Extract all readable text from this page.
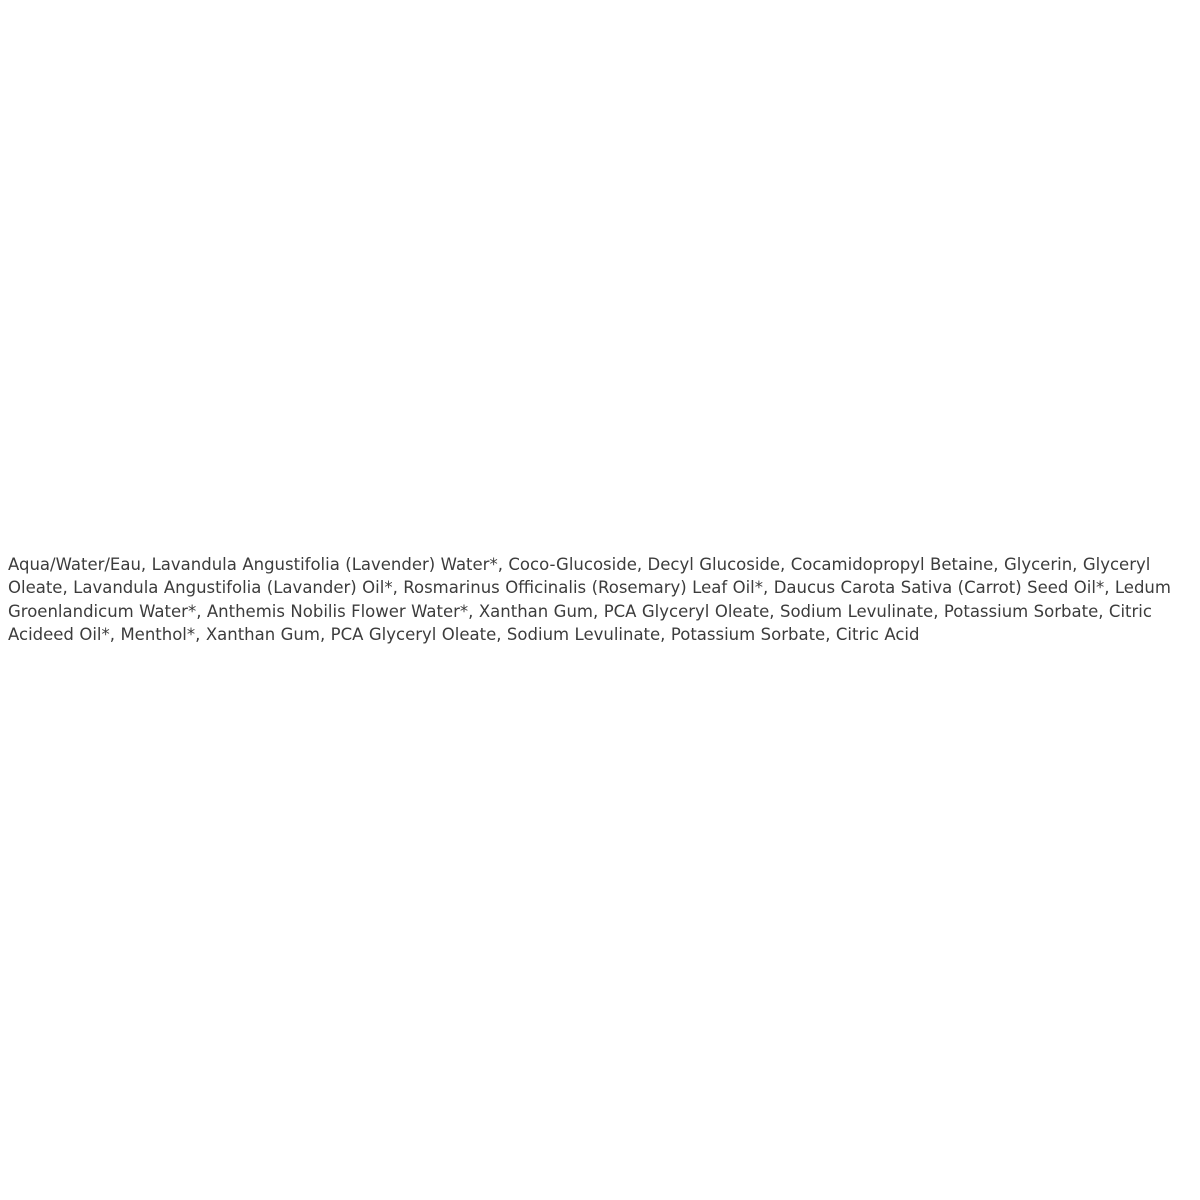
Aqua/Water/Eau, Lavandula Angustifolia (Lavender) Water*, Coco-Glucoside, Decyl Glucoside, Cocamidopropyl Betaine, Glycerin, Glyceryl Oleate, Lavandula Angustifolia (Lavander) Oil*, Rosmarinus Officinalis (Rosemary) Leaf Oil*, Daucus Carota Sativa (Carrot) Seed Oil*, Ledum Groenlandicum Water*, Anthemis Nobilis Flower Water*, Xanthan Gum, PCA Glyceryl Oleate, Sodium Levulinate, Potassium Sorbate, Citric Acideed Oil*, Menthol*, Xanthan Gum, PCA Glyceryl Oleate, Sodium Levulinate, Potassium Sorbate, Citric Acid
